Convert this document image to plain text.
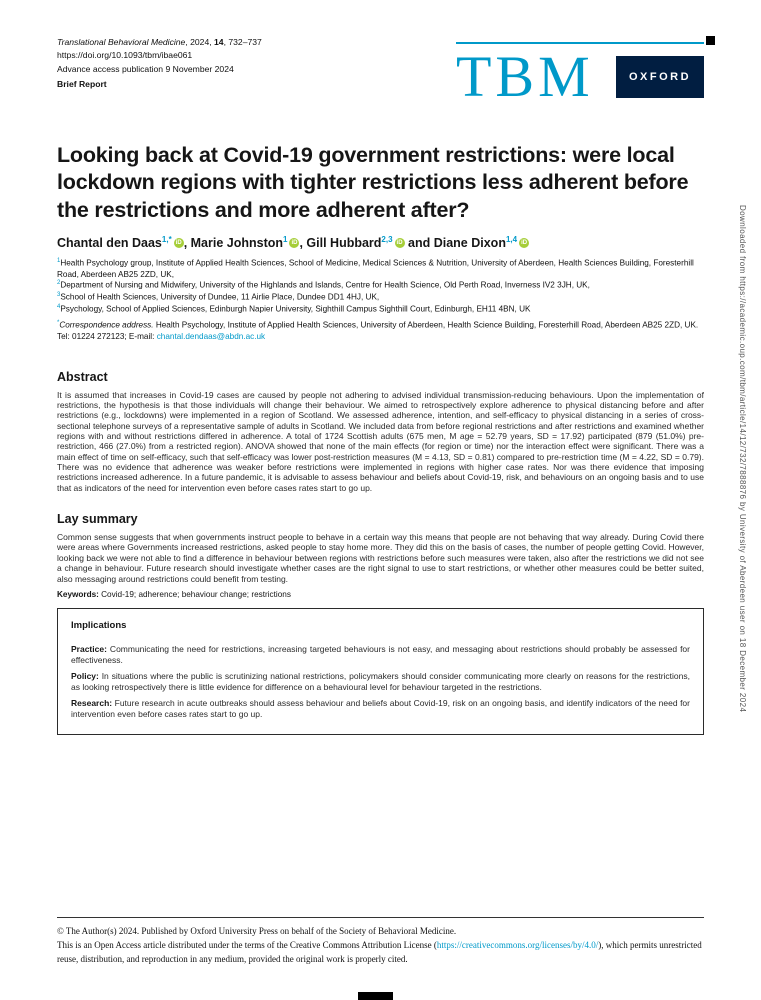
Translational Behavioral Medicine, 2024, 14, 732–737
https://doi.org/10.1093/tbm/ibae061
Advance access publication 9 November 2024
Brief Report	TBM	OXFORD
Looking back at Covid-19 government restrictions: were local lockdown regions with tighter restrictions less adherent before the restrictions and more adherent after?

Chantal den Daas$^{1,*}$ iD , Marie Johnston$^1$ iD , Gill Hubbard$^{2,3}$ iD and Diane Dixon$^{1,4}$ iD

$^1$Health Psychology group, Institute of Applied Health Sciences, School of Medicine, Medical Sciences & Nutrition, University of Aberdeen, Health Sciences Building, Foresterhill Road, Aberdeen AB25 2ZD, UK,
$^2$Department of Nursing and Midwifery, University of the Highlands and Islands, Centre for Health Science, Old Perth Road, Inverness IV2 3JH, UK,
$^3$School of Health Sciences, University of Dundee, 11 Airlie Place, Dundee DD1 4HJ, UK,
$^4$Psychology, School of Applied Sciences, Edinburgh Napier University, Sighthill Campus Sighthill Court, Edinburgh, EH11 4BN, UK
*Correspondence address. Health Psychology, Institute of Applied Health Sciences, University of Aberdeen, Health Science Building, Foresterhill Road, Aberdeen AB25 2ZD, UK. Tel: 01224 272123; E-mail: chantal.dendaas@abdn.ac.uk
Abstract

It is assumed that increases in Covid-19 cases are caused by people not adhering to advised individual transmission-reducing behaviours. Upon the implementation of restrictions, the hypothesis is that those individuals will change their behaviour. We aimed to retrospectively explore adherence to physical distancing before and after restrictions (e.g., lockdowns) were implemented in a region of Scotland. We assessed adherence, intention, and self-efficacy to physical distancing in a series of cross-sectional telephone surveys of a representative sample of adults in Scotland. We included data from before regional restrictions and after restrictions and examined whether regions with and without restrictions differed in adherence. A total of 1724 Scottish adults (675 men, M age = 52.79 years, SD = 17.92) participated (879 (51.0%) pre-restriction, 466 (27.0%) from a restricted region). ANOVA showed that none of the main effects (for region or time) nor the interaction effect were significant. There was a main effect of time on self-efficacy, such that self-efficacy was lower post-restriction measures (M = 4.13, SD = 0.81) compared to pre-restriction time (M = 4.22, SD = 0.79). There was no evidence that adherence was weaker before restrictions were implemented in regions with higher case rates. Nor was there evidence that imposing restrictions increased adherence. In a future pandemic, it is advisable to assess behaviour and beliefs about Covid-19, risk, and behaviours on an ongoing basis and to use that as indicators of the need for intervention even before cases rates start to go up.

Lay summary

Common sense suggests that when governments instruct people to behave in a certain way this means that people are not behaving that way already. During Covid there were areas where Governments increased restrictions, asked people to stay home more. They did this on the basis of cases, the number of people getting Covid. However, looking back we were not able to find a difference in behaviour between regions with restrictions before such measures were taken, also after the restrictions we did not see a change in behaviour. Future research should investigate whether cases are the right signal to use to start restrictions, or whether other measures could be better suited, also messaging around restrictions could benefit from testing.

Keywords: Covid-19; adherence; behaviour change; restrictions

Implications

Practice: Communicating the need for restrictions, increasing targeted behaviours is not easy, and messaging about restrictions should probably be assessed for effectiveness.

Policy: In situations where the public is scrutinizing national restrictions, policymakers should consider communicating more clearly on reasons for the restrictions, as looking retrospectively there is little evidence for difference on a behavioural level for behaviour targeted in the restrictions.

Research: Future research in acute outbreaks should assess behaviour and beliefs about Covid-19, risk on an ongoing basis, and identify indicators of the need for intervention even before cases rates start to go up.

© The Author(s) 2024. Published by Oxford University Press on behalf of the Society of Behavioral Medicine.
This is an Open Access article distributed under the terms of the Creative Commons Attribution License (https://creativecommons.org/licenses/by/4.0/), which permits unrestricted reuse, distribution, and reproduction in any medium, provided the original work is properly cited.
Downloaded from https://academic.oup.com/tbm/article/14/12/732/7888876 by University of Aberdeen user on 18 December 2024
